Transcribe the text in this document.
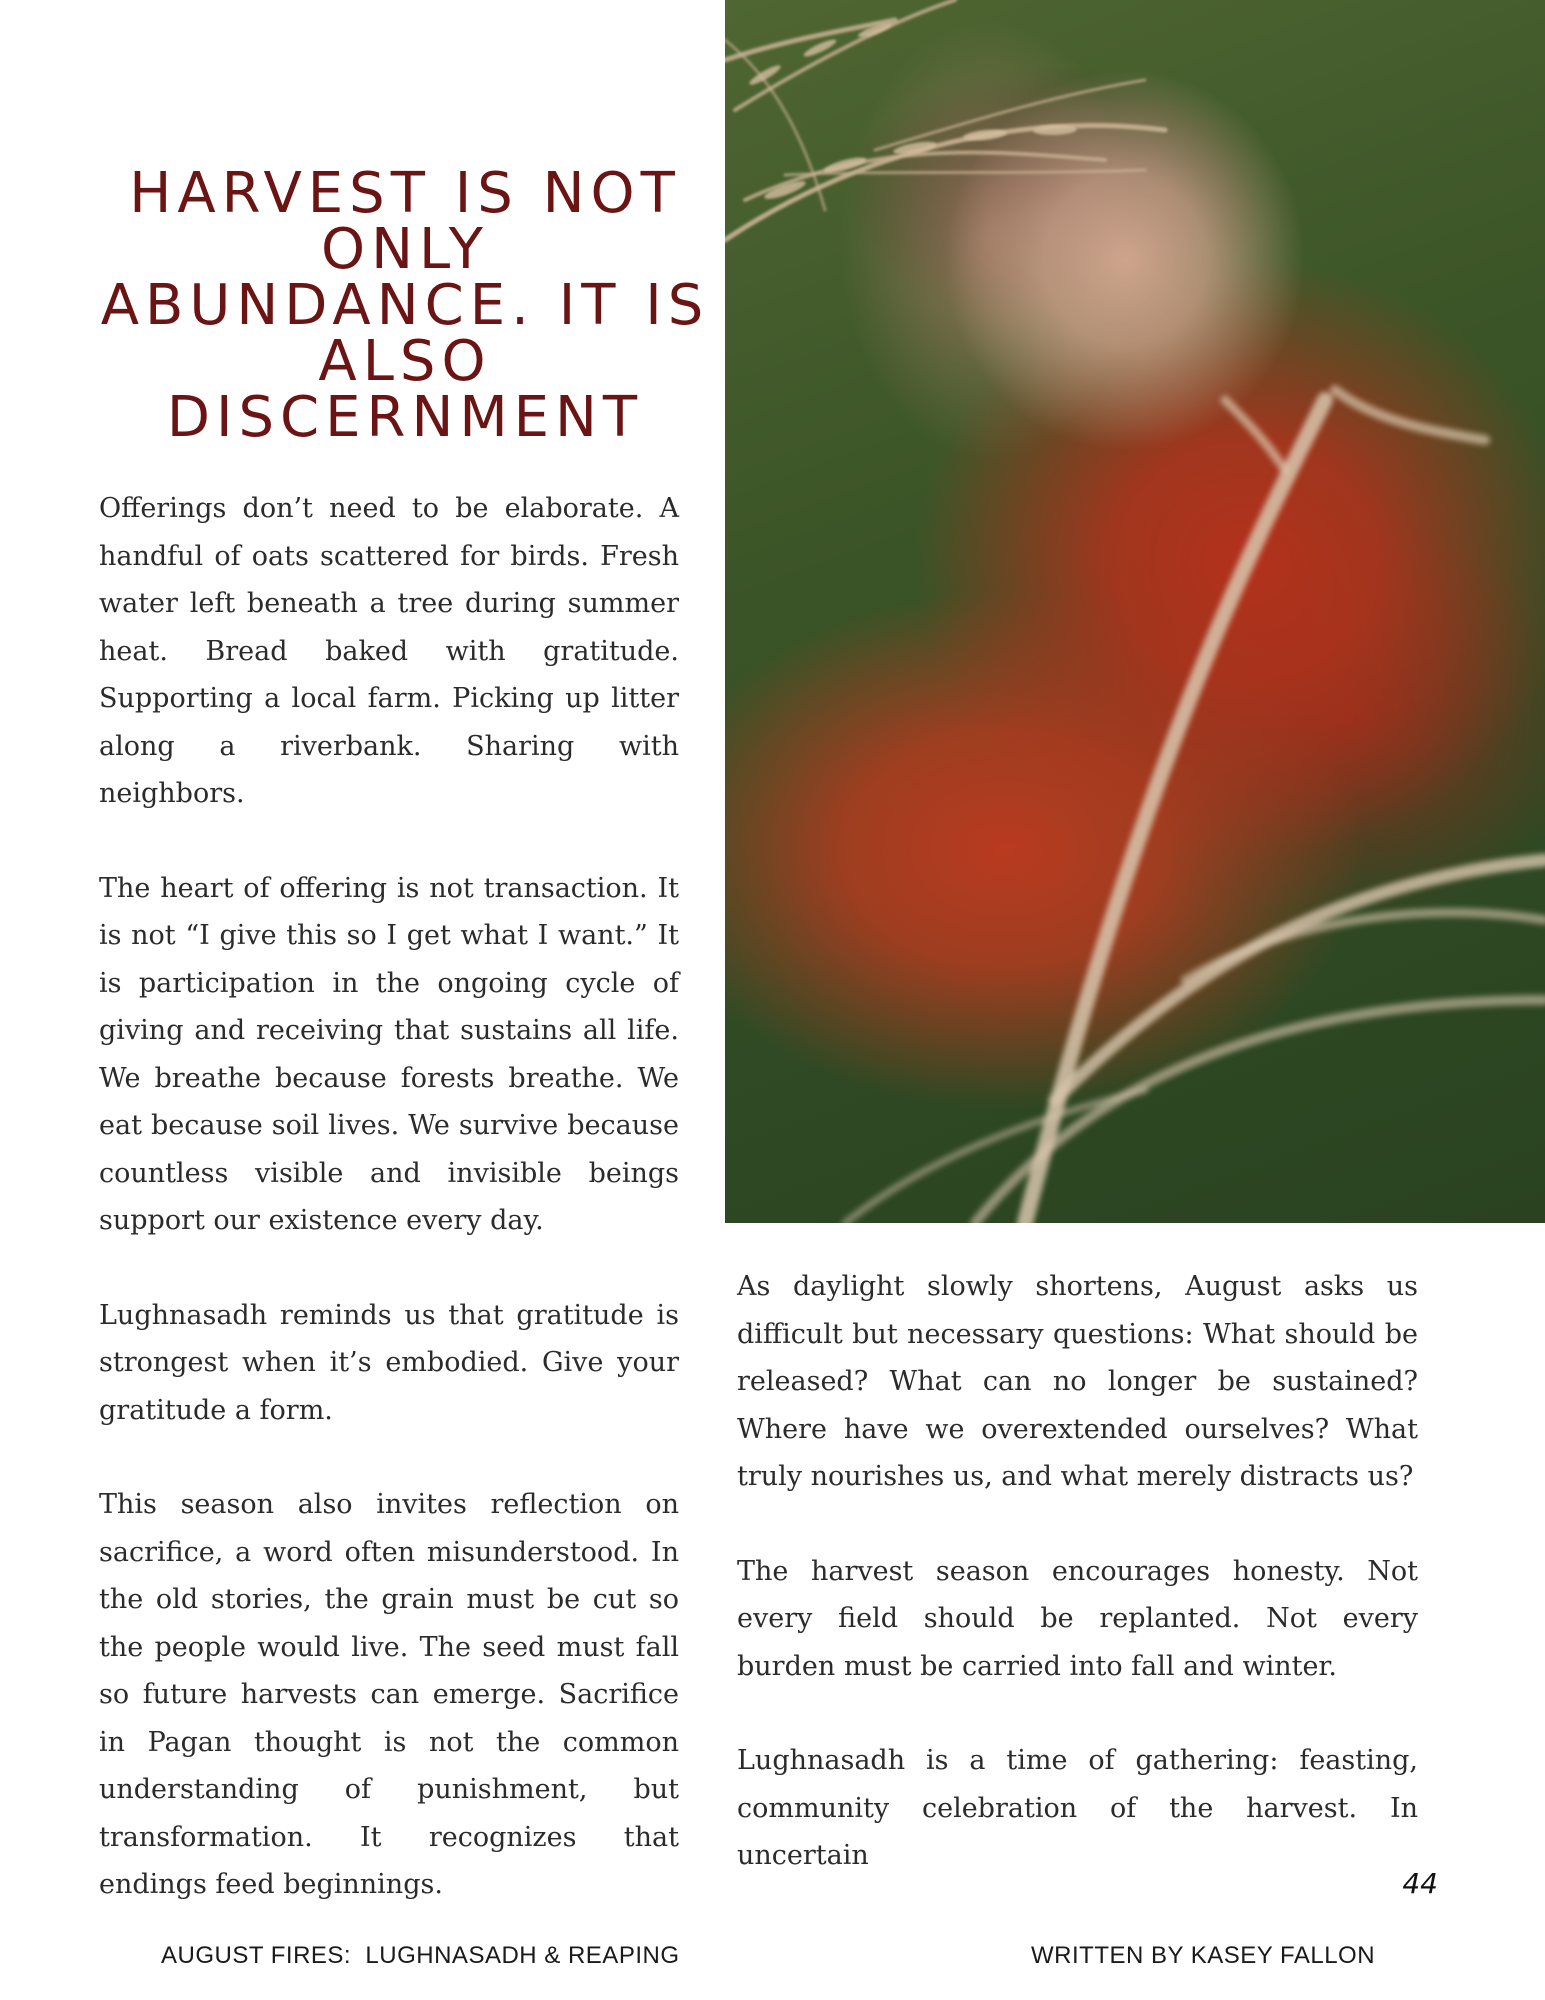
HARVEST IS NOT ONLY ABUNDANCE. IT IS ALSO DISCERNMENT

Offerings don’t need to be elaborate. A handful of oats scattered for birds. Fresh water left beneath a tree during summer heat. Bread baked with gratitude. Supporting a local farm. Picking up litter along a riverbank. Sharing with neighbors.

The heart of offering is not transaction. It is not “I give this so I get what I want.” It is participation in the ongoing cycle of giving and receiving that sustains all life. We breathe because forests breathe. We eat because soil lives. We survive because countless visible and invisible beings support our existence every day.

Lughnasadh reminds us that gratitude is strongest when it’s embodied. Give your gratitude a form.

This season also invites reflection on sacrifice, a word often misunderstood. In the old stories, the grain must be cut so the people would live. The seed must fall so future harvests can emerge. Sacrifice in Pagan thought is not the common understanding of punishment, but transformation. It recognizes that endings feed beginnings.

As daylight slowly shortens, August asks us difficult but necessary questions: What should be released? What can no longer be sustained? Where have we overextended ourselves? What truly nourishes us, and what merely distracts us?

The harvest season encourages honesty. Not every field should be replanted. Not every burden must be carried into fall and winter.

Lughnasadh is a time of gathering: feasting, community celebration of the harvest. In uncertain

44
AUGUST FIRES:  LUGHNASADH & REAPING	WRITTEN BY KASEY FALLON
